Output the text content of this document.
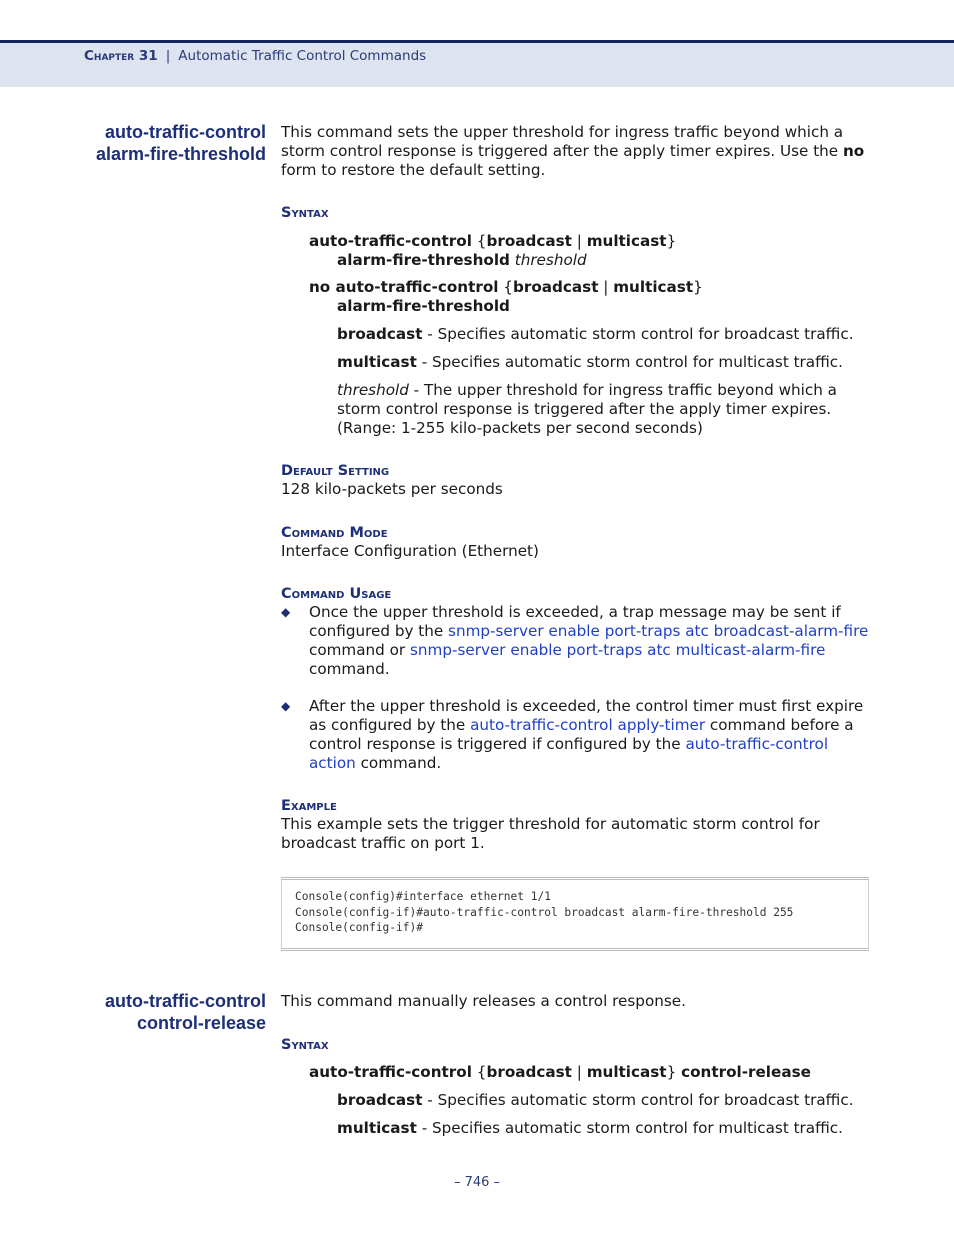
Chapter 31 | Automatic Traffic Control Commands
auto-traffic-control
alarm-fire-threshold
This command sets the upper threshold for ingress traffic beyond which a storm control response is triggered after the apply timer expires. Use the no form to restore the default setting.
Syntax
auto-traffic-control {broadcast | multicast}
alarm-fire-threshold threshold
no auto-traffic-control {broadcast | multicast}
alarm-fire-threshold
broadcast - Specifies automatic storm control for broadcast traffic.
multicast - Specifies automatic storm control for multicast traffic.
threshold - The upper threshold for ingress traffic beyond which a storm control response is triggered after the apply timer expires. (Range: 1-255 kilo-packets per second seconds)
Default Setting
128 kilo-packets per seconds
Command Mode
Interface Configuration (Ethernet)
Command Usage
◆ Once the upper threshold is exceeded, a trap message may be sent if configured by the snmp-server enable port-traps atc broadcast-alarm-fire command or snmp-server enable port-traps atc multicast-alarm-fire command.
◆ After the upper threshold is exceeded, the control timer must first expire as configured by the auto-traffic-control apply-timer command before a control response is triggered if configured by the auto-traffic-control action command.
Example
This example sets the trigger threshold for automatic storm control for broadcast traffic on port 1.
Console(config)#interface ethernet 1/1
Console(config-if)#auto-traffic-control broadcast alarm-fire-threshold 255
Console(config-if)#
auto-traffic-control
control-release
This command manually releases a control response.
Syntax
auto-traffic-control {broadcast | multicast} control-release
broadcast - Specifies automatic storm control for broadcast traffic.
multicast - Specifies automatic storm control for multicast traffic.
– 746 –
